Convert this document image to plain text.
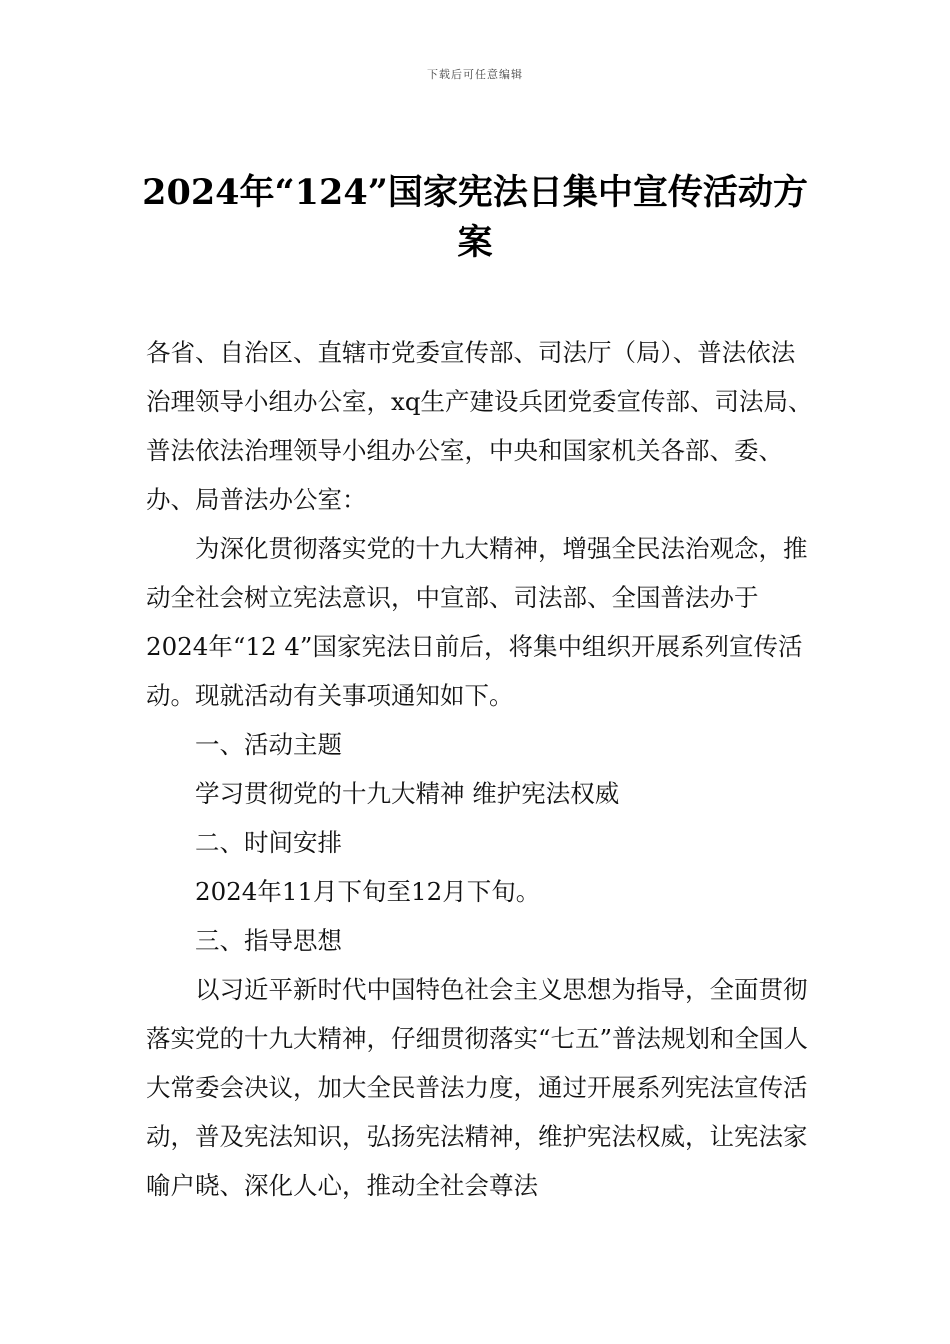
下载后可任意编辑
2024年“124”国家宪法日集中宣传活动方案

各省、自治区、直辖市党委宣传部、司法厅（局）、普法依法治理领导小组办公室，xq生产建设兵团党委宣传部、司法局、普法依法治理领导小组办公室，中央和国家机关各部、委、办、局普法办公室：

为深化贯彻落实党的十九大精神，增强全民法治观念，推动全社会树立宪法意识，中宣部、司法部、全国普法办于2024年“12 4”国家宪法日前后，将集中组织开展系列宣传活动。现就活动有关事项通知如下。

一、活动主题

学习贯彻党的十九大精神 维护宪法权威

二、时间安排

2024年11月下旬至12月下旬。

三、指导思想

以习近平新时代中国特色社会主义思想为指导，全面贯彻落实党的十九大精神，仔细贯彻落实“七五”普法规划和全国人大常委会决议，加大全民普法力度，通过开展系列宪法宣传活动，普及宪法知识，弘扬宪法精神，维护宪法权威，让宪法家喻户晓、深化人心，推动全社会尊法
